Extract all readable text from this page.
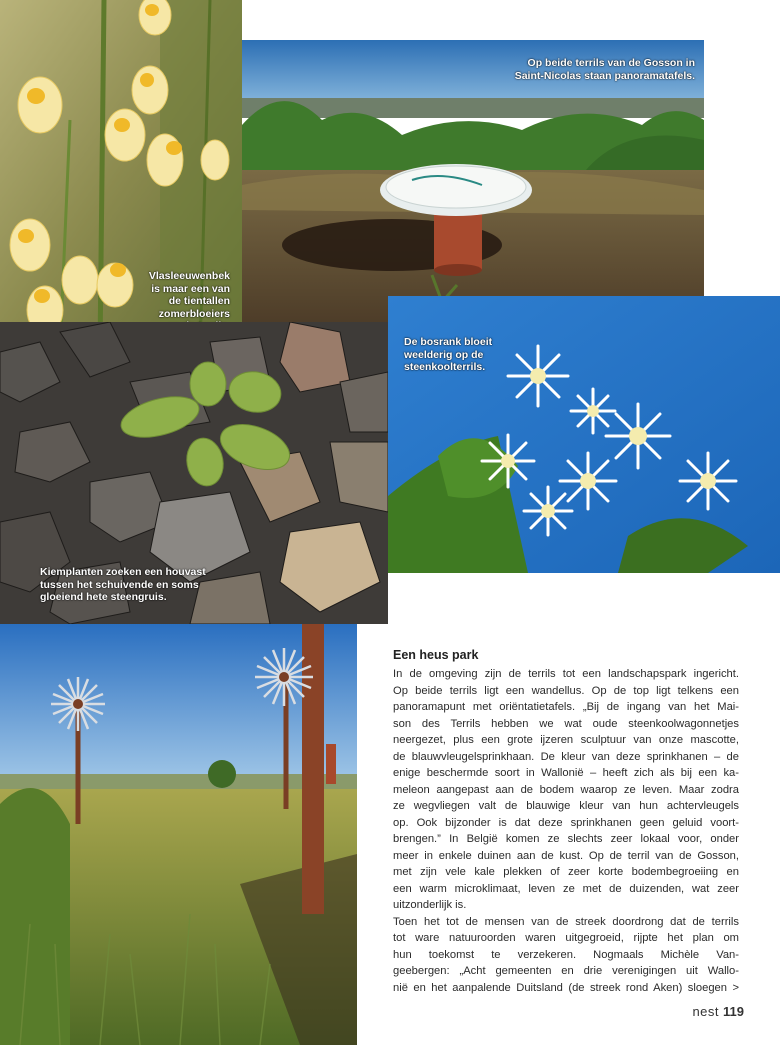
Vlasleeuwenbek
is maar een van
de tientallen
zomerbloeiers
Op beide terrils van de Gosson in
Saint-Nicolas staan panoramatafels.
Kiemplanten zoeken een houvast
tussen het schuivende en soms
gloeiend hete steengruis.
De bosrank bloeit
weelderig op de
steenkoolterrils.
Een heus park
In de omgeving zijn de terrils tot een landschapspark ingericht.
Op beide terrils ligt een wandellus. Op de top ligt telkens een
panoramapunt met oriëntatietafels. „Bij de ingang van het Mai-
son des Terrils hebben we wat oude steenkoolwagonnetjes
neergezet, plus een grote ijzeren sculptuur van onze mascotte,
de blauwvleugelsprinkhaan. De kleur van deze sprinkhanen – de
enige beschermde soort in Wallonië – heeft zich als bij een ka-
meleon aangepast aan de bodem waarop ze leven. Maar zodra
ze wegvliegen valt de blauwige kleur van hun achtervleugels
op. Ook bijzonder is dat deze sprinkhanen geen geluid voort-
brengen.” In België komen ze slechts zeer lokaal voor, onder
meer in enkele duinen aan de kust. Op de terril van de Gosson,
met zijn vele kale plekken of zeer korte bodembegroeiing en
een warm microklimaat, leven ze met de duizenden, wat zeer
uitzonderlijk is.
Toen het tot de mensen van de streek doordrong dat de terrils
tot ware natuuroorden waren uitgegroeid, rijpte het plan om
hun toekomst te verzekeren. Nogmaals Michèle Van-
geebergen: „Acht gemeenten en drie verenigingen uit Wallo-
nië en het aanpalende Duitsland (de streek rond Aken) sloegen >
nest 119
